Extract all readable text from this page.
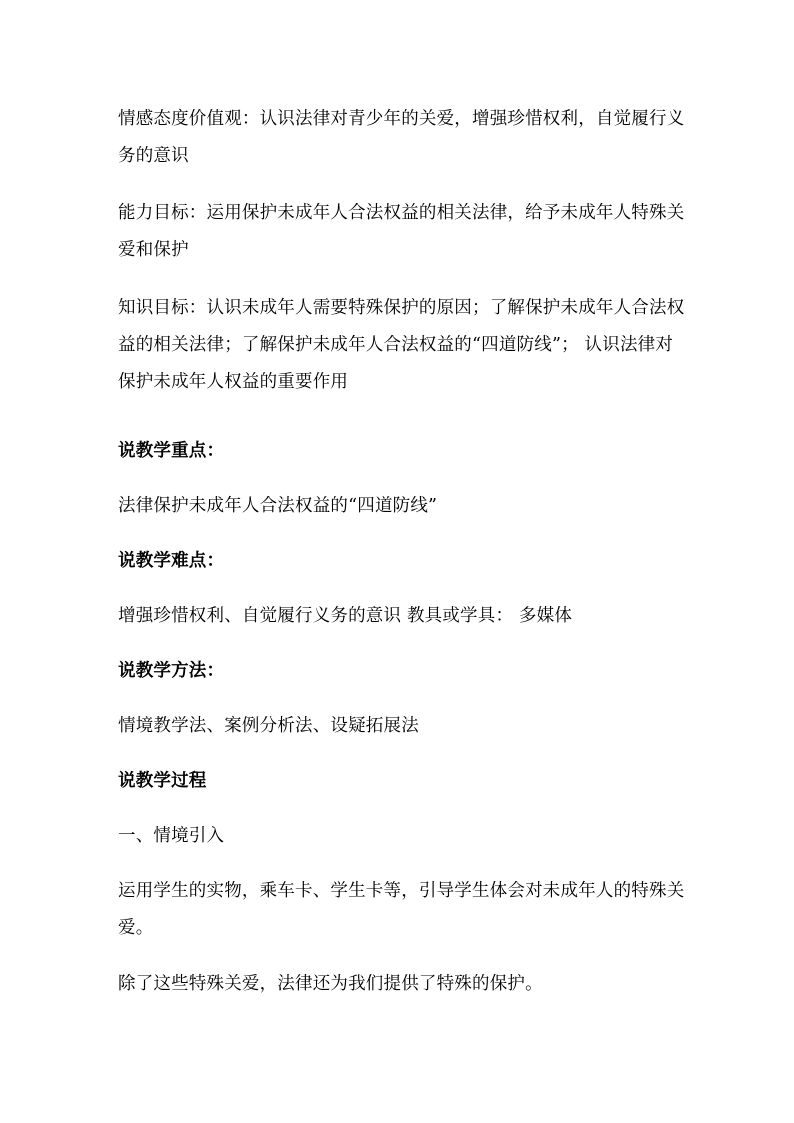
情感态度价值观：认识法律对青少年的关爱，增强珍惜权利，自觉履行义务的意识

能力目标：运用保护未成年人合法权益的相关法律，给予未成年人特殊关爱和保护

知识目标：认识未成年人需要特殊保护的原因；了解保护未成年人合法权益的相关法律；了解保护未成年人合法权益的“四道防线”； 认识法律对保护未成年人权益的重要作用

说教学重点：

法律保护未成年人合法权益的“四道防线”

说教学难点：

增强珍惜权利、自觉履行义务的意识 教具或学具： 多媒体

说教学方法：

情境教学法、案例分析法、设疑拓展法

说教学过程

一、情境引入

运用学生的实物，乘车卡、学生卡等，引导学生体会对未成年人的特殊关爱。

除了这些特殊关爱，法律还为我们提供了特殊的保护。
